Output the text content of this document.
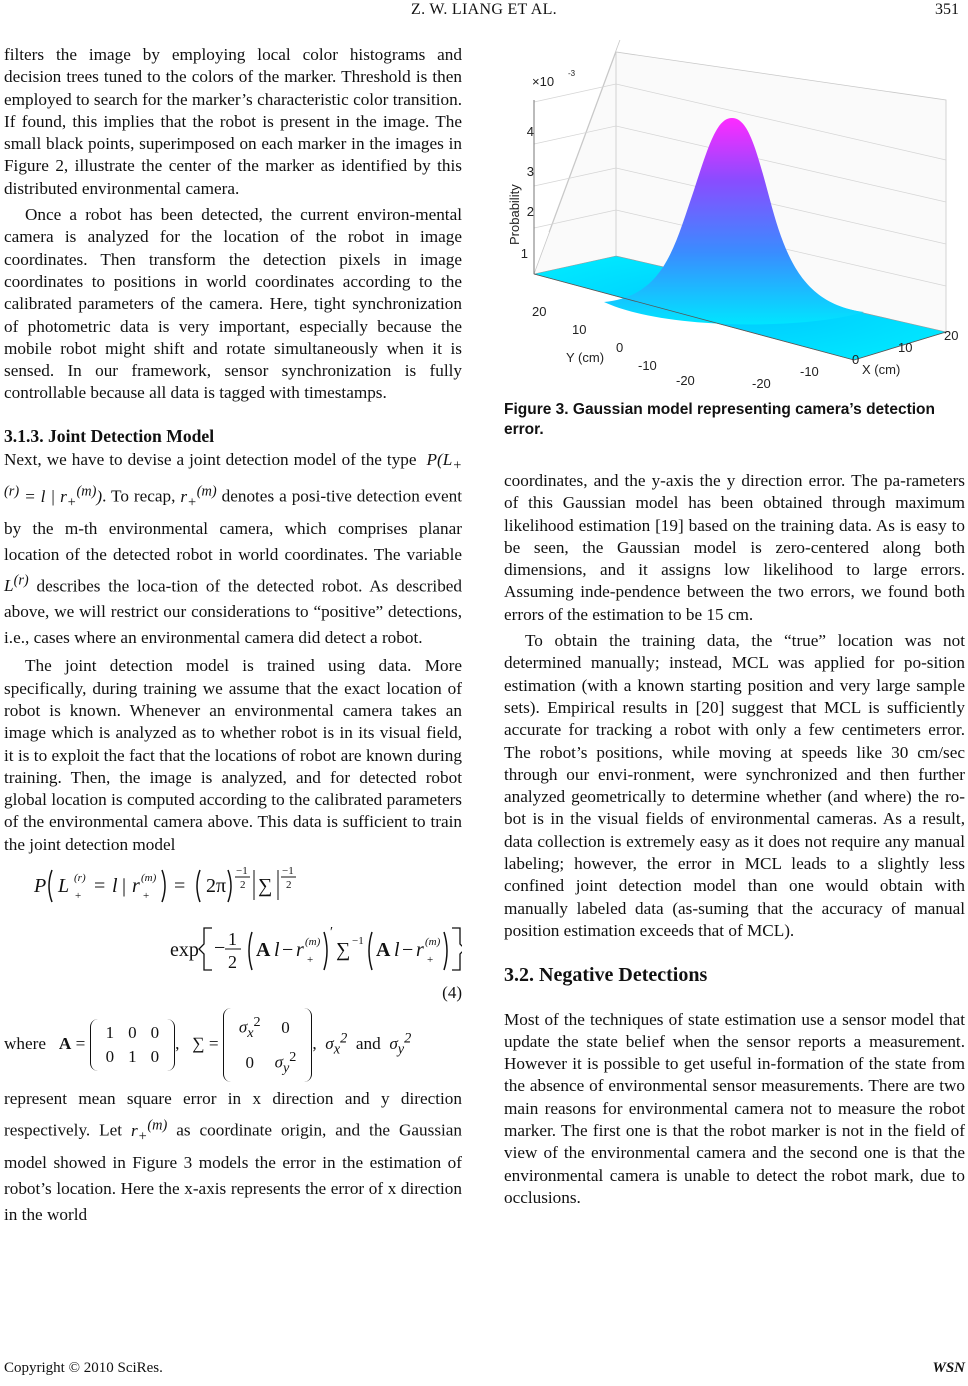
Z. W. LIANG ET AL.	351

filters the image by employing local color histograms and decision trees tuned to the colors of the marker. Threshold is then employed to search for the marker’s characteristic color transition. If found, this implies that the robot is present in the image. The small black points, superimposed on each marker in the images in Figure 2, illustrate the center of the marker as identified by this distributed environmental camera.

Once a robot has been detected, the current environ-mental camera is analyzed for the location of the robot in image coordinates. Then transform the detection pixels in image coordinates to positions in world coordinates according to the calibrated parameters of the camera. Here, tight synchronization of photometric data is very important, especially because the mobile robot might shift and rotate simultaneously when it is sensed. In our framework, sensor synchronization is fully controllable because all data is tagged with timestamps.

3.1.3. Joint Detection Model

Next, we have to devise a joint detection model of the type  $P(L_+^{(r)} = l$ | $r_+^{(m)}$). To recap, $r_+^{(m)}$ denotes a posi-tive detection event by the m-th environmental camera, which comprises planar location of the detected robot in world coordinates. The variable $L^{(r)}$ describes the loca-tion of the detected robot. As described above, we will restrict our considerations to “positive” detections, i.e., cases where an environmental camera did detect a robot.

The joint detection model is trained using data. More specifically, during training we assume that the exact location of robot is known. Whenever an environmental camera takes an image which is analyzed as to whether robot is in its visual field, it is to exploit the fact that the locations of robot are known during training. Then, the image is analyzed, and for detected robot global location is computed according to the calibrated parameters of the environmental camera above. This data is sufficient to train the joint detection model

P L (r)
+ = l | r (m)
+ = 2π
−1
2 ∑
−1
2
exp − 1
2
A l − r (m)
+
′
∑ −1 A l − r (m)
+
(4)
where A =
1	0	0
0	1	0
,   ∑ =
$\sigma_x^2$	0
0	$\sigma_y^2$
,  $\sigma_x^2$ and $\sigma_y^2$

represent mean square error in x direction and y direction respectively. Let $r_+^{(m)}$ as coordinate origin, and the Gaussian model showed in Figure 3 models the error in the estimation of robot’s location. Here the x-axis represents the error of x direction in the world

×10
-3
Probability
1
2
3
4
20
10
0
-10
-20
Y (cm)
-20
-10
0
10
20
X (cm)
Figure 3. Gaussian model representing camera’s detection error.

coordinates, and the y-axis the y direction error. The pa-rameters of this Gaussian model has been obtained through maximum likelihood estimation [19] based on the training data. As is easy to be seen, the Gaussian model is zero-centered along both dimensions, and it assigns low likelihood to large errors. Assuming inde-pendence between the two errors, we found both errors of the estimation to be 15 cm.

To obtain the training data, the “true” location was not determined manually; instead, MCL was applied for po-sition estimation (with a known starting position and very large sample sets). Empirical results in [20] suggest that MCL is sufficiently accurate for tracking a robot with only a few centimeters error. The robot’s positions, while moving at speeds like 30 cm/sec through our envi-ronment, were synchronized and then further analyzed geometrically to determine whether (and where) the ro-bot is in the visual fields of environmental cameras. As a result, data collection is extremely easy as it does not require any manual labeling; however, the error in MCL leads to a slightly less confined joint detection model than one would obtain with manually labeled data (as-suming that the accuracy of manual position estimation exceeds that of MCL).

3.2. Negative Detections

Most of the techniques of state estimation use a sensor model that update the state belief when the sensor reports a measurement. However it is possible to get useful in-formation of the state from the absence of environmental sensor measurements. There are two main reasons for environmental camera not to measure the robot marker. The first one is that the robot marker is not in the field of view of the environmental camera and the second one is that the environmental camera is unable to detect the robot mark, due to occlusions.

Copyright © 2010 SciRes.	WSN
